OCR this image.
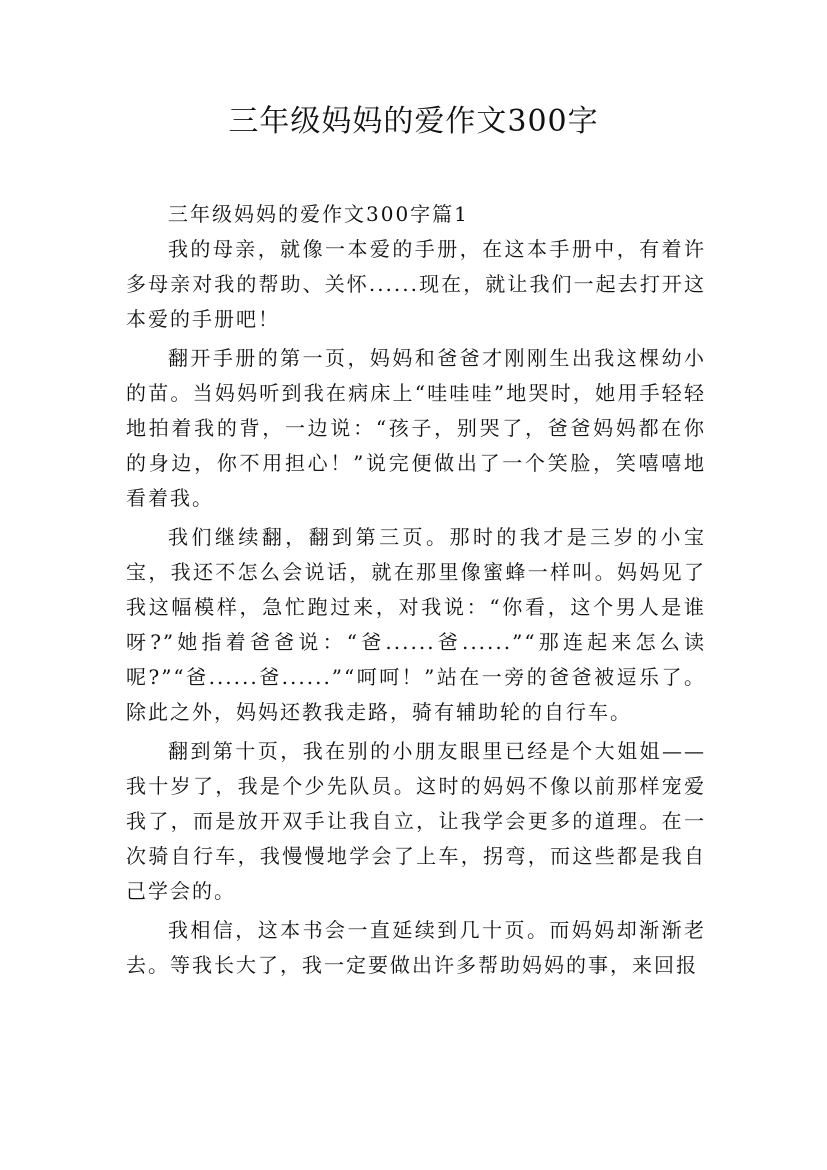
三年级妈妈的爱作文300字

三年级妈妈的爱作文300字篇1

我的母亲，就像一本爱的手册，在这本手册中，有着许多母亲对我的帮助、关怀......现在，就让我们一起去打开这本爱的手册吧！

翻开手册的第一页，妈妈和爸爸才刚刚生出我这棵幼小的苗。当妈妈听到我在病床上“哇哇哇”地哭时，她用手轻轻地拍着我的背，一边说：“孩子，别哭了，爸爸妈妈都在你的身边，你不用担心！”说完便做出了一个笑脸，笑嘻嘻地看着我。

我们继续翻，翻到第三页。那时的我才是三岁的小宝宝，我还不怎么会说话，就在那里像蜜蜂一样叫。妈妈见了我这幅模样，急忙跑过来，对我说：“你看，这个男人是谁呀?”她指着爸爸说：“爸......爸......”“那连起来怎么读呢?”“爸......爸......”“呵呵！”站在一旁的爸爸被逗乐了。除此之外，妈妈还教我走路，骑有辅助轮的自行车。

翻到第十页，我在别的小朋友眼里已经是个大姐姐——我十岁了，我是个少先队员。这时的妈妈不像以前那样宠爱我了，而是放开双手让我自立，让我学会更多的道理。在一次骑自行车，我慢慢地学会了上车，拐弯，而这些都是我自己学会的。

我相信，这本书会一直延续到几十页。而妈妈却渐渐老去。等我长大了，我一定要做出许多帮助妈妈的事，来回报
